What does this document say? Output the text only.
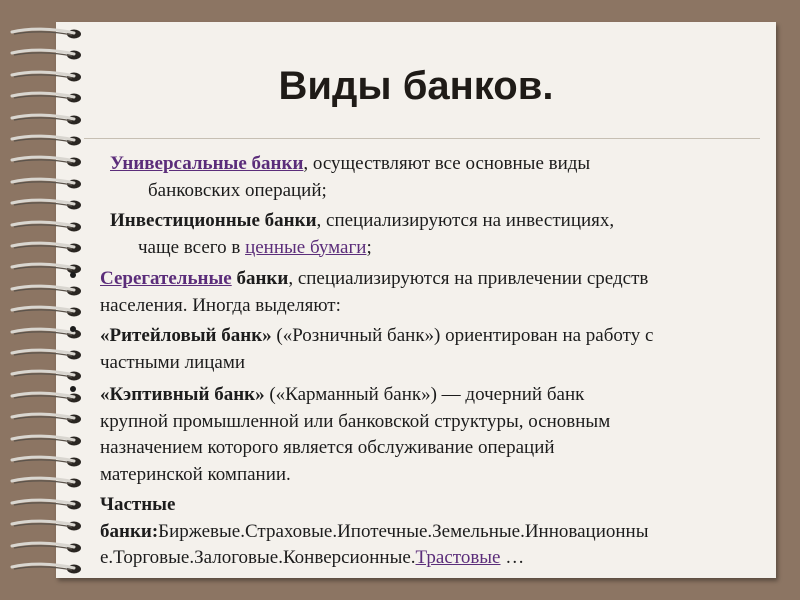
Виды банков.
Универсальные банки, осуществляют все основные виды
банковских операций;
Инвестиционные банки, специализируются на инвестициях,
чаще всего в ценные бумаги;
Серегательные банки, специализируются на привлечении средств
населения. Иногда выделяют:
«Ритейловый банк» («Розничный банк») ориентирован на работу с
частными лицами
«Кэптивный банк» («Карманный банк») — дочерний банк
крупной промышленной или банковской структуры, основным
назначением которого является обслуживание операций
материнской компании.
Частные
банки:Биржевые.Страховые.Ипотечные.Земельные.Инновационны
е.Торговые.Залоговые.Конверсионные.Трастовые …
